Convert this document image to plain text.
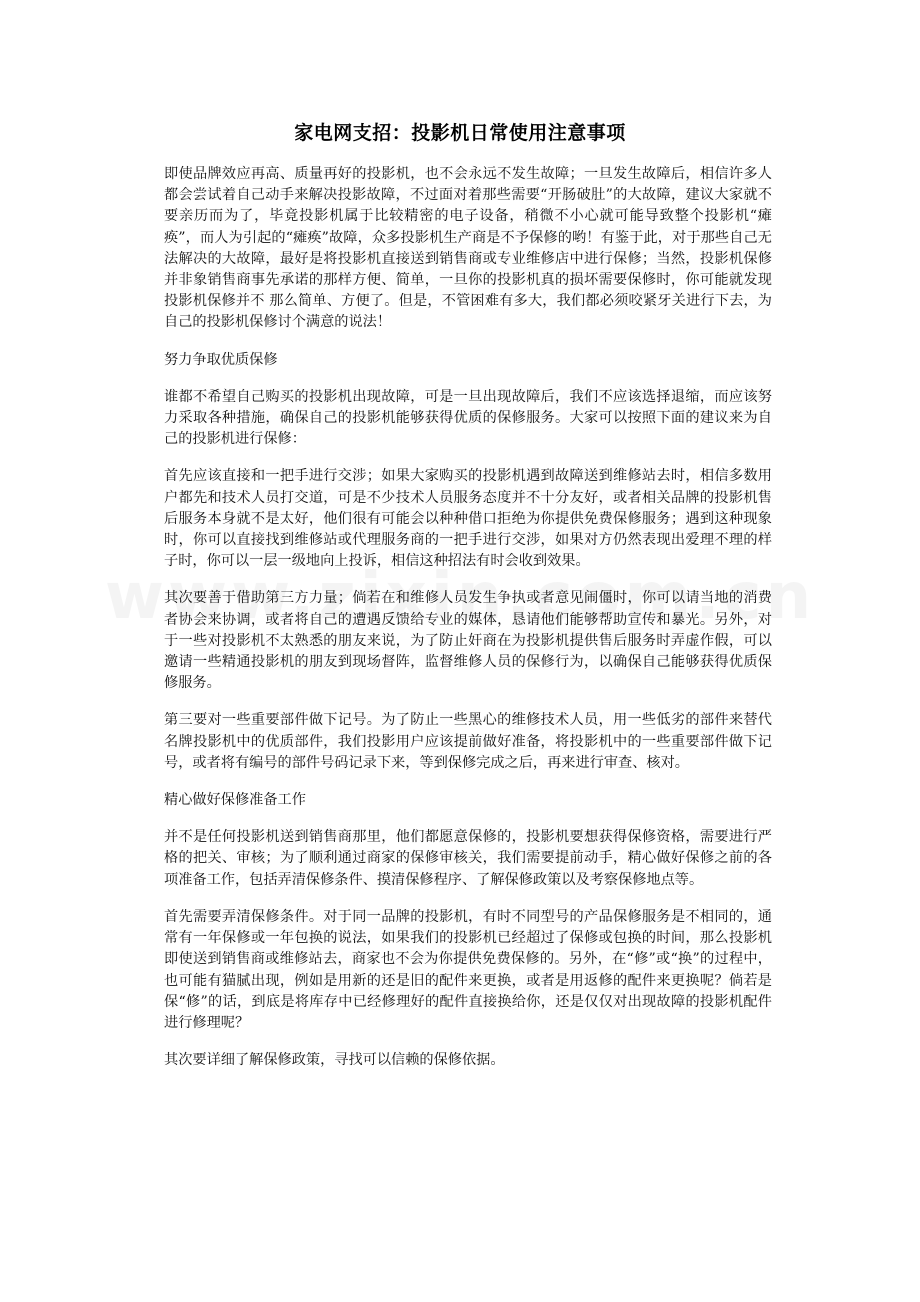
家电网支招：投影机日常使用注意事项

即使品牌效应再高、质量再好的投影机，也不会永远不发生故障；一旦发生故障后，相信许多人都会尝试着自己动手来解决投影故障，不过面对着那些需要“开肠破肚”的大故障，建议大家就不要亲历而为了，毕竟投影机属于比较精密的电子设备，稍微不小心就可能导致整个投影机“瘫痪”，而人为引起的“瘫痪”故障，众多投影机生产商是不予保修的哟！有鉴于此，对于那些自己无法解决的大故障，最好是将投影机直接送到销售商或专业维修店中进行保修；当然，投影机保修并非象销售商事先承诺的那样方便、简单，一旦你的投影机真的损坏需要保修时，你可能就发现投影机保修并不 那么简单、方便了。但是，不管困难有多大，我们都必须咬紧牙关进行下去，为自己的投影机保修讨个满意的说法！

努力争取优质保修

谁都不希望自己购买的投影机出现故障，可是一旦出现故障后，我们不应该选择退缩，而应该努力采取各种措施，确保自己的投影机能够获得优质的保修服务。大家可以按照下面的建议来为自己的投影机进行保修：

首先应该直接和一把手进行交涉；如果大家购买的投影机遇到故障送到维修站去时，相信多数用户都先和技术人员打交道，可是不少技术人员服务态度并不十分友好，或者相关品牌的投影机售后服务本身就不是太好，他们很有可能会以种种借口拒绝为你提供免费保修服务；遇到这种现象时，你可以直接找到维修站或代理服务商的一把手进行交涉，如果对方仍然表现出爱理不理的样子时，你可以一层一级地向上投诉，相信这种招法有时会收到效果。

其次要善于借助第三方力量；倘若在和维修人员发生争执或者意见闹僵时，你可以请当地的消费者协会来协调，或者将自己的遭遇反馈给专业的媒体，恳请他们能够帮助宣传和暴光。另外，对于一些对投影机不太熟悉的朋友来说，为了防止奸商在为投影机提供售后服务时弄虚作假，可以邀请一些精通投影机的朋友到现场督阵，监督维修人员的保修行为，以确保自己能够获得优质保修服务。

第三要对一些重要部件做下记号。为了防止一些黑心的维修技术人员，用一些低劣的部件来替代名牌投影机中的优质部件，我们投影用户应该提前做好准备，将投影机中的一些重要部件做下记号，或者将有编号的部件号码记录下来，等到保修完成之后，再来进行审查、核对。

精心做好保修准备工作

并不是任何投影机送到销售商那里，他们都愿意保修的，投影机要想获得保修资格，需要进行严格的把关、审核；为了顺利通过商家的保修审核关，我们需要提前动手，精心做好保修之前的各项准备工作，包括弄清保修条件、摸清保修程序、了解保修政策以及考察保修地点等。

首先需要弄清保修条件。对于同一品牌的投影机，有时不同型号的产品保修服务是不相同的，通常有一年保修或一年包换的说法，如果我们的投影机已经超过了保修或包换的时间，那么投影机即使送到销售商或维修站去，商家也不会为你提供免费保修的。另外，在“修”或“换”的过程中，也可能有猫腻出现，例如是用新的还是旧的配件来更换，或者是用返修的配件来更换呢？倘若是保“修”的话，到底是将库存中已经修理好的配件直接换给你，还是仅仅对出现故障的投影机配件进行修理呢？

其次要详细了解保修政策，寻找可以信赖的保修依据。
